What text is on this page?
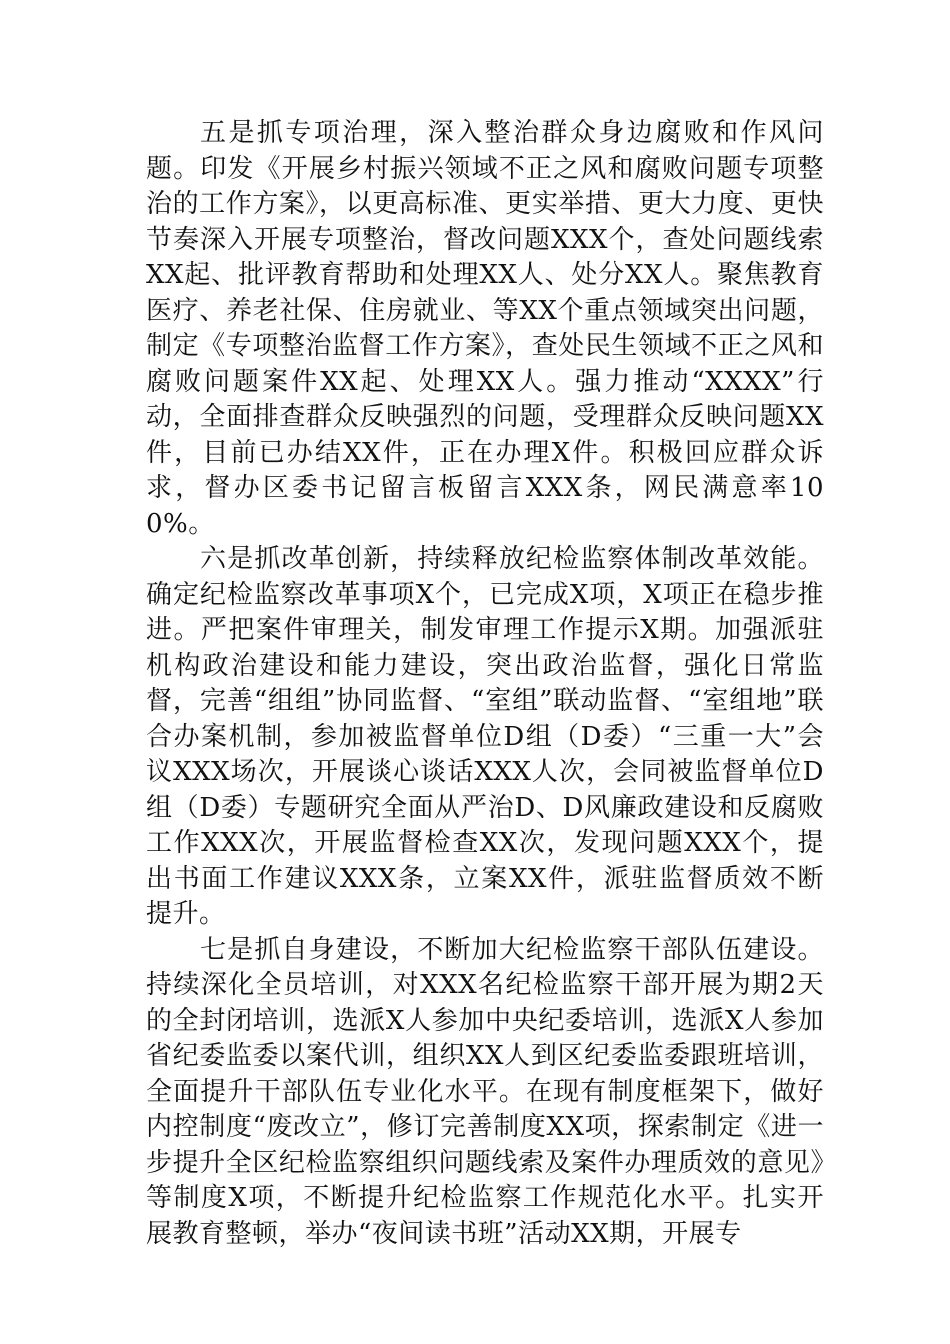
五是抓专项治理，深入整治群众身边腐败和作风问题。印发《开展乡村振兴领域不正之风和腐败问题专项整治的工作方案》，以更高标准、更实举措、更大力度、更快节奏深入开展专项整治，督改问题XXX个，查处问题线索XX起、批评教育帮助和处理XX人、处分XX人。聚焦教育医疗、养老社保、住房就业、等XX个重点领域突出问题，制定《专项整治监督工作方案》，查处民生领域不正之风和腐败问题案件XX起、处理XX人。强力推动“XXXX”行动，全面排查群众反映强烈的问题，受理群众反映问题XX件，目前已办结XX件，正在办理X件。积极回应群众诉求，督办区委书记留言板留言XXX条，网民满意率100%。

六是抓改革创新，持续释放纪检监察体制改革效能。确定纪检监察改革事项X个，已完成X项，X项正在稳步推进。严把案件审理关，制发审理工作提示X期。加强派驻机构政治建设和能力建设，突出政治监督，强化日常监督，完善“组组”协同监督、“室组”联动监督、“室组地”联合办案机制，参加被监督单位D组（D委）“三重一大”会议XXX场次，开展谈心谈话XXX人次，会同被监督单位D组（D委）专题研究全面从严治D、D风廉政建设和反腐败工作XXX次，开展监督检查XX次，发现问题XXX个，提出书面工作建议XXX条，立案XX件，派驻监督质效不断提升。

七是抓自身建设，不断加大纪检监察干部队伍建设。持续深化全员培训，对XXX名纪检监察干部开展为期2天的全封闭培训，选派X人参加中央纪委培训，选派X人参加省纪委监委以案代训，组织XX人到区纪委监委跟班培训，全面提升干部队伍专业化水平。在现有制度框架下，做好内控制度“废改立”，修订完善制度XX项，探索制定《进一步提升全区纪检监察组织问题线索及案件办理质效的意见》等制度X项，不断提升纪检监察工作规范化水平。扎实开展教育整顿，举办“夜间读书班”活动XX期，开展专
